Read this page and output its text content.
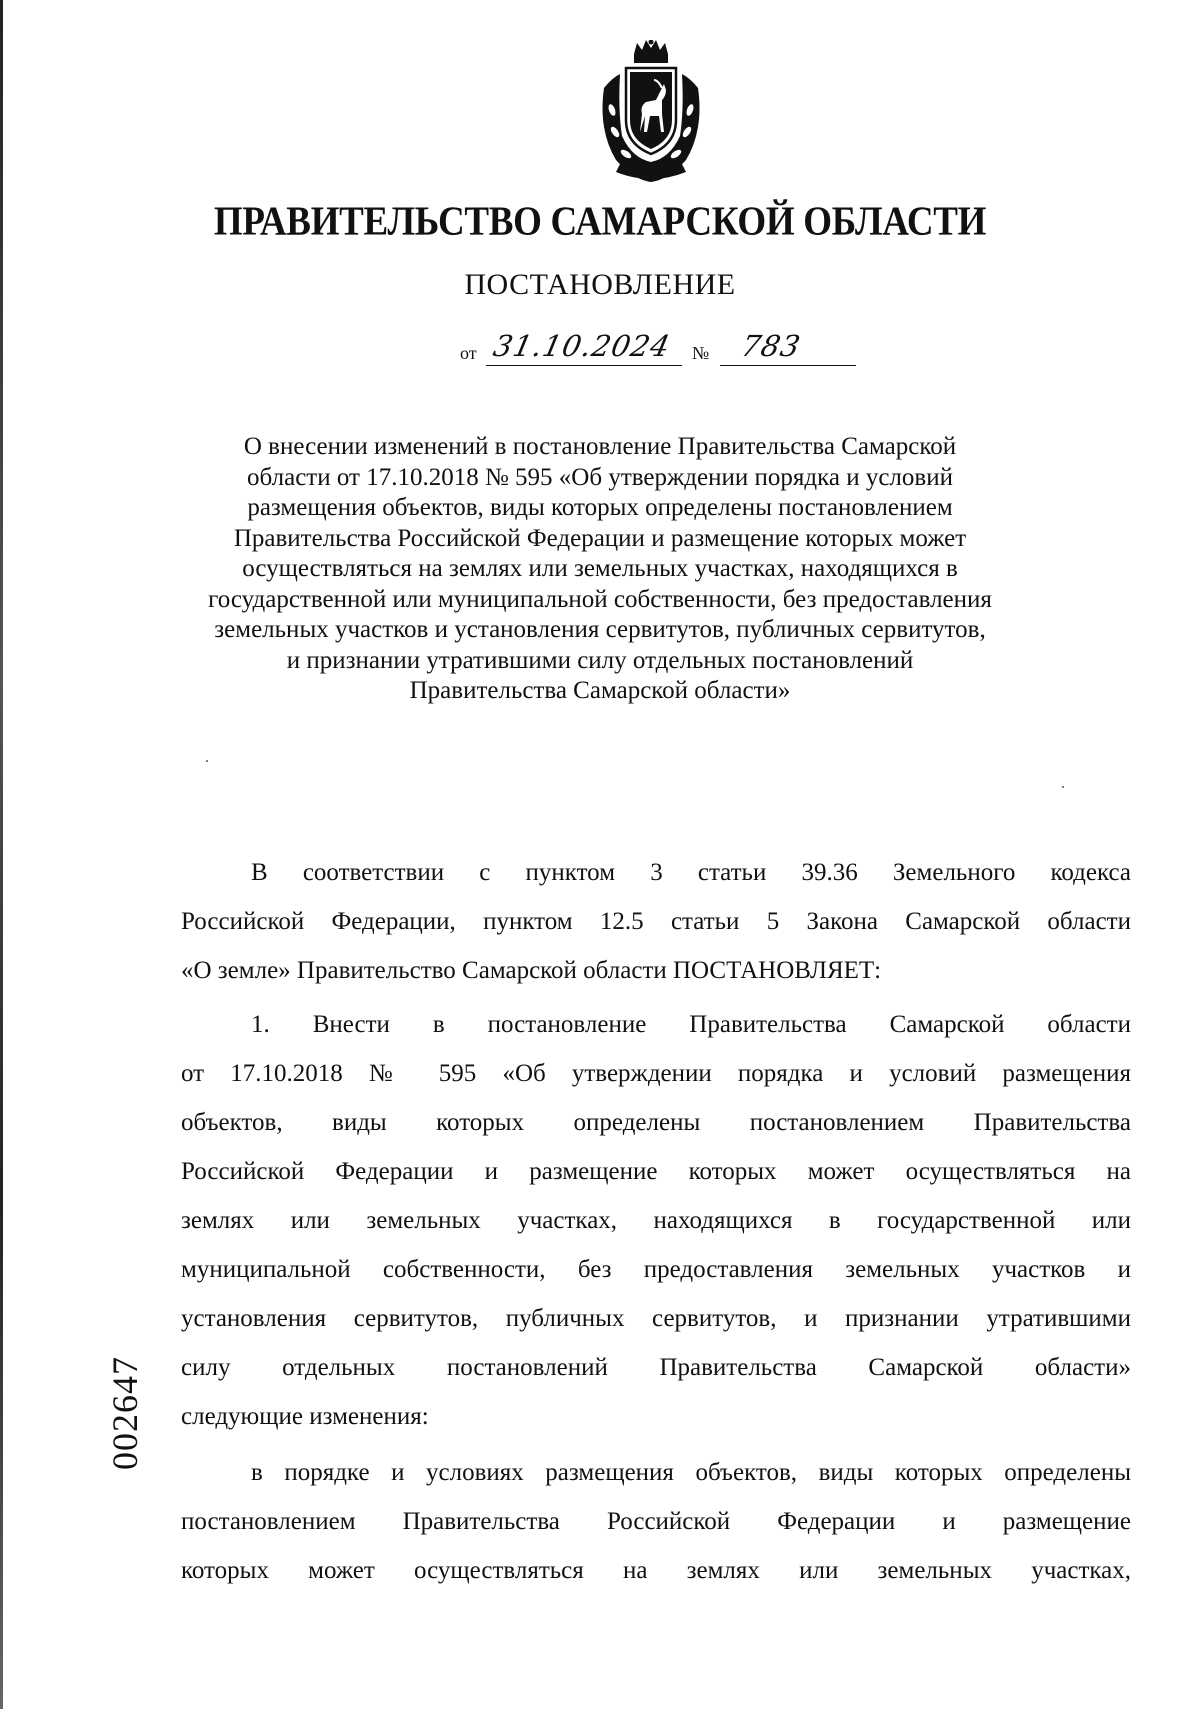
ПРАВИТЕЛЬСТВО САМАРСКОЙ ОБЛАСТИ
ПОСТАНОВЛЕНИЕ
от 31.10.2024 № 783
О внесении изменений в постановление Правительства Самарской
области от 17.10.2018 № 595 «Об утверждении порядка и условий
размещения объектов, виды которых определены постановлением
Правительства Российской Федерации и размещение которых может
осуществляться на землях или земельных участках, находящихся в
государственной или муниципальной собственности, без предоставления
земельных участков и установления сервитутов, публичных сервитутов,
и признании утратившими силу отдельных постановлений
Правительства Самарской области»
В соответствии с пунктом 3 статьи 39.36 Земельного кодекса
Российской Федерации, пунктом 12.5 статьи 5 Закона Самарской области
«О земле» Правительство Самарской области ПОСТАНОВЛЯЕТ:
1. Внести в постановление Правительства Самарской области
от 17.10.2018 № 595 «Об утверждении порядка и условий размещения
объектов, виды которых определены постановлением Правительства
Российской Федерации и размещение которых может осуществляться на
землях или земельных участках, находящихся в государственной или
муниципальной собственности, без предоставления земельных участков и
установления сервитутов, публичных сервитутов, и признании утратившими
силу отдельных постановлений Правительства Самарской области»
следующие изменения:
в порядке и условиях размещения объектов, виды которых определены
постановлением Правительства Российской Федерации и размещение
которых может осуществляться на землях или земельных участках,
002647
